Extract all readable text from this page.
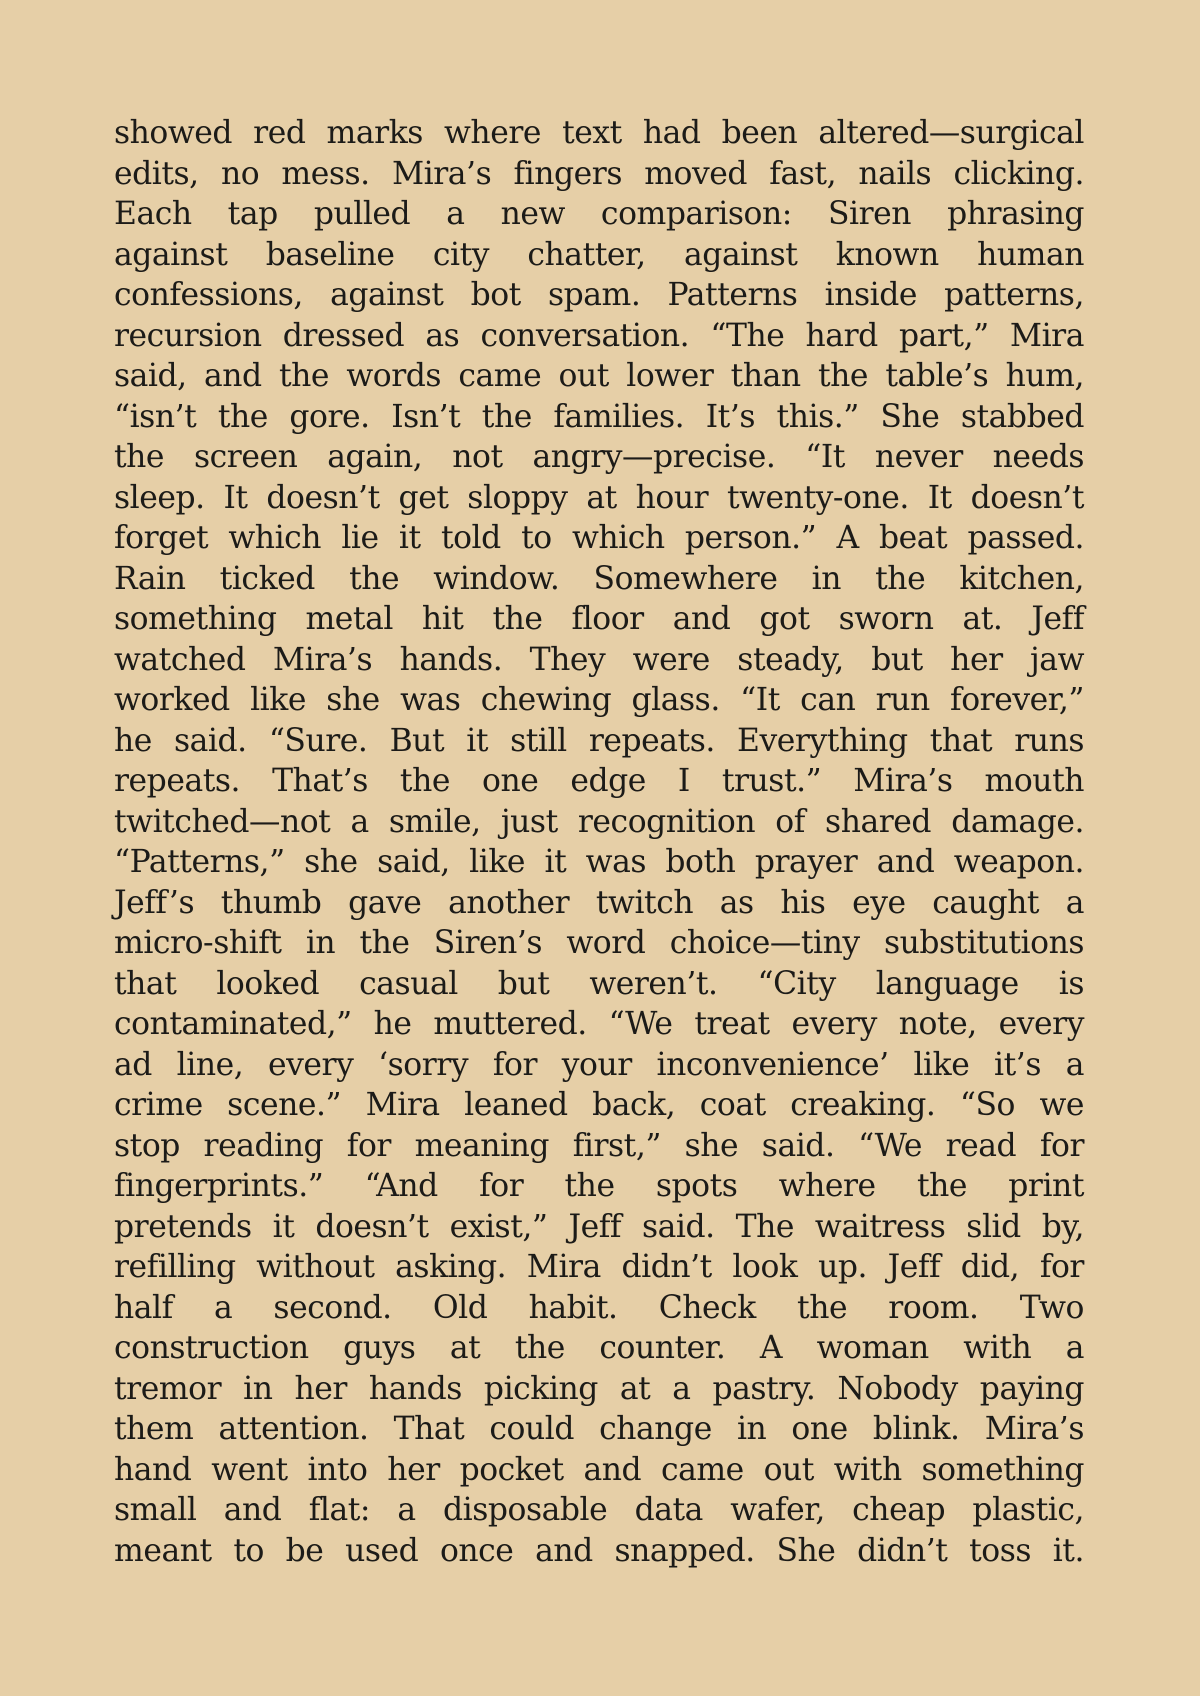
showed red marks where text had been altered—surgical
edits, no mess. Mira’s fingers moved fast, nails clicking.
Each tap pulled a new comparison: Siren phrasing
against baseline city chatter, against known human
confessions, against bot spam. Patterns inside patterns,
recursion dressed as conversation. “The hard part,” Mira
said, and the words came out lower than the table’s hum,
“isn’t the gore. Isn’t the families. It’s this.” She stabbed
the screen again, not angry—precise. “It never needs
sleep. It doesn’t get sloppy at hour twenty-one. It doesn’t
forget which lie it told to which person.” A beat passed.
Rain ticked the window. Somewhere in the kitchen,
something metal hit the floor and got sworn at. Jeff
watched Mira’s hands. They were steady, but her jaw
worked like she was chewing glass. “It can run forever,”
he said. “Sure. But it still repeats. Everything that runs
repeats. That’s the one edge I trust.” Mira’s mouth
twitched—not a smile, just recognition of shared damage.
“Patterns,” she said, like it was both prayer and weapon.
Jeff’s thumb gave another twitch as his eye caught a
micro-shift in the Siren’s word choice—tiny substitutions
that looked casual but weren’t. “City language is
contaminated,” he muttered. “We treat every note, every
ad line, every ‘sorry for your inconvenience’ like it’s a
crime scene.” Mira leaned back, coat creaking. “So we
stop reading for meaning first,” she said. “We read for
fingerprints.” “And for the spots where the print
pretends it doesn’t exist,” Jeff said. The waitress slid by,
refilling without asking. Mira didn’t look up. Jeff did, for
half a second. Old habit. Check the room. Two
construction guys at the counter. A woman with a
tremor in her hands picking at a pastry. Nobody paying
them attention. That could change in one blink. Mira’s
hand went into her pocket and came out with something
small and flat: a disposable data wafer, cheap plastic,
meant to be used once and snapped. She didn’t toss it.
